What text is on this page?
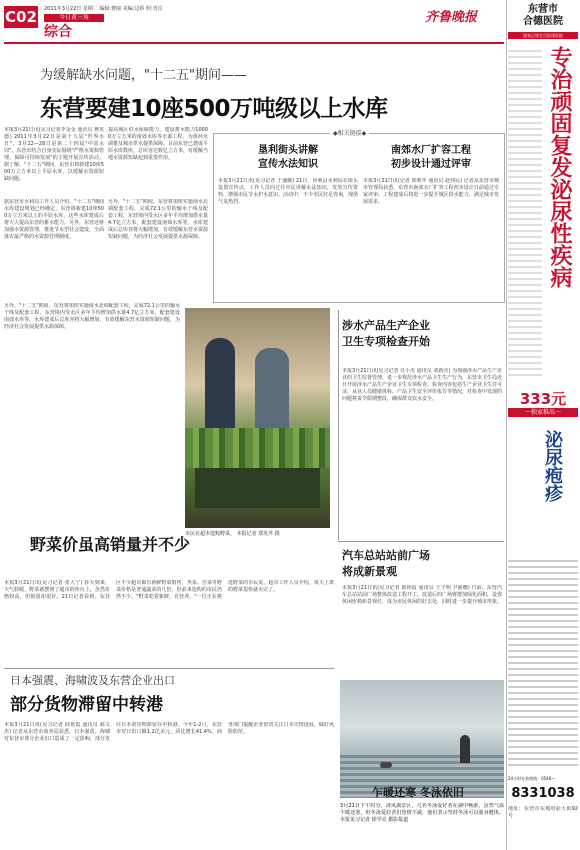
C02 2011年3月22日 星期二 编辑:曹丽 美编:边娇 照:青岳
今日黄三角
综合
齐鲁晚报
为缓解缺水问题，"十二五"期间——
东营要建10座500万吨级以上水库
本报3月21日讯(见习记者李金金 通讯员 燕英德) 2011年3月22日是第十九届"世界水日"，3月22—28日是第二十四届"中国水周"。东营市结合自身实际围绕"严格水资源管理，保障可持续发展"的主题开展宣传活动。据了解，"十二五"期间，东营市将新建10座500万立方米以上平原水库，以缓解水资源短缺问题。
据东营市水利局工作人员介绍，"十二五"期间水库建设规划已经确定，东营将新建10座500万立方米以上的平原水库，这些水库建成后将大大提高东营的蓄水能力。另外，东营还将加强水资源管理，推进节水型社会建设，全面落实最严格的水资源管理制度。
提高城区供水保障能力，建设蓄水能力10000万立方米的南郊水库等水源工程，为黄河水调蓄及城市供水提供保障。目前东营已建成平原水库数座，总库容达数亿立方米，对缓解当地水资源短缺起到重要作用。
另外，"十二五"期间，东营将加快实施南水北调配套工程，完成72.1公里的输水干线及配套工程，东营境内受水区多年平均增加供水量4.7亿立方米，配套建设南郊水库等，水库建成后总库容将大幅增加，有效缓解东营水资源短缺问题，为经济社会发展提供水源保障。
◆相关链接◆
垦利街头讲解
宣传水法知识
本报3月21日讯(见习记者 王盛娥) 21日，垦利县水利局在街头设置宣传点，工作人员向过往市民讲解水法知识，发放宣传资料，增强市民节水护水意识。活动中，不少市民驻足咨询，现场气氛热烈。
南郊水厂扩容工程
初步设计通过评审
本报3月21日讯(记者 郑莉芹 通讯员 赵伟民) 记者从东营市城市管理局获悉，东营市南郊水厂扩容工程初步设计日前通过专家评审。工程建成后将进一步提升城区供水能力，满足城市发展需求。
市民在超市选购野菜。 本报记者 郑发芹 摄
涉水产品生产企业
卫生专项检查开始
本报3月21日讯(见习记者 任小杰 通讯员 刘新亮) 为加强涉水产品生产企业的卫生监督管理，进一步规范涉水产品卫生生产行为，东营市卫生局近日开展涉水产品生产企业卫生专项检查。检查内容包括生产企业卫生许可证、从业人员健康体检、产品卫生安全评价报告等情况，对检查中发现的问题将责令限期整改，确保群众饮水安全。
另外，"十二五"期间，东营将加快实施南水北调配套工程，完成72.1公里的输水干线及配套工程，东营境内受水区多年平均增加供水量4.7亿立方米，配套建设南郊水库等，水库建成后总库容将大幅增加，有效缓解东营水资源短缺问题，为经济社会发展提供水源保障。
汽车总站站前广场
将成新景观
本报3月21日讯(见习记者 邱艳霞 通讯员 王子明 尹丽娜) 日前，东营汽车总站站前广场整体改造工程开工。改造后的广场将增加绿化面积，设置休闲座椅和景观灯，成为市民休闲的好去处，同时进一步提升城市形象。
野菜价虽高销量并不少
本报3月21日讯(见习记者 张大宁) 春天到来，天气转暖，野菜就摆到了超市的柜台上，虽然价格较高，但销量却很好。21日记者看到，东营区不少超市都有新鲜野菜销售，荠菜、苦菜等野菜价格是普通蔬菜的几倍，但前来选购的市民仍然不少。"野菜吃着新鲜，有营养。"一位正在挑选野菜的市民说。超市工作人员介绍，每天上架的野菜很快就卖完了。
日本强震、海啸波及东营企业出口
部分货物滞留中转港
本报3月21日讯(见习记者 邱艳霞 通讯员 郝文杰) 记者从东营市商务局获悉，日本强震、海啸对东营市部分企业出口造成了一定影响，部分发往日本的货物滞留在中转港。今年1-2月，东营市对日出口额1.2亿美元，同比增长41.4%。商务部门提醒企业密切关注日本灾情进展，做好风险防范。
乍暖还寒 冬泳依旧
3月21日下午时分，清风湖景区，几名冬泳爱好者在湖中畅游。虽然气温乍暖还寒，但冬泳爱好者们热情不减，他们表示坚持冬泳可以强身健体。 本报见习记者 徐学亮 摄影报道
东营市
合德医院
国家正规定点医保医院
专治顽固复发泌尿性疾病
333元
一独家推出一
泌尿疱疹
24小时专家热线：0546—
8331038
地址：东营市东城府前大街92号
